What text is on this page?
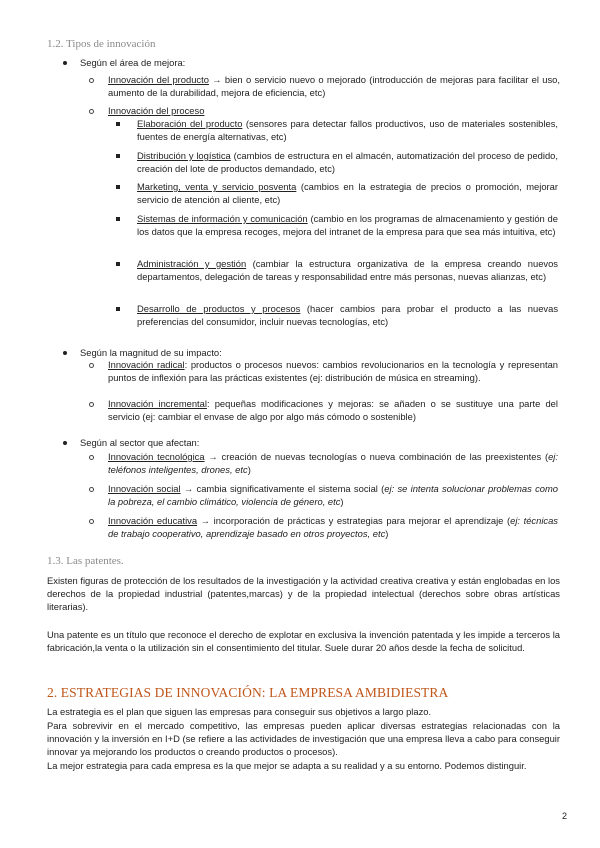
1.2. Tipos de innovación
Según el área de mejora:
Innovación del producto → bien o servicio nuevo o mejorado (introducción de mejoras para facilitar el uso, aumento de la durabilidad, mejora de eficiencia, etc)
Innovación del proceso
Elaboración del producto (sensores para detectar fallos productivos, uso de materiales sostenibles, fuentes de energía alternativas, etc)
Distribución y logística (cambios de estructura en el almacén, automatización del proceso de pedido, creación del lote de productos demandado, etc)
Marketing, venta y servicio posventa (cambios en la estrategia de precios o promoción, mejorar servicio de atención al cliente, etc)
Sistemas de información y comunicación (cambio en los programas de almacenamiento y gestión de los datos que la empresa recoges, mejora del intranet de la empresa para que sea más intuitiva, etc)
Administración y gestión (cambiar la estructura organizativa de la empresa creando nuevos departamentos, delegación de tareas y responsabilidad entre más personas, nuevas alianzas, etc)
Desarrollo de productos y procesos (hacer cambios para probar el producto a las nuevas preferencias del consumidor, incluir nuevas tecnologías, etc)
Según la magnitud de su impacto:
Innovación radical: productos o procesos nuevos: cambios revolucionarios en la tecnología y representan puntos de inflexión para las prácticas existentes (ej: distribución de música en streaming).
Innovación incremental: pequeñas modificaciones y mejoras: se añaden o se sustituye una parte del servicio (ej: cambiar el envase de algo por algo más cómodo o sostenible)
Según al sector que afectan:
Innovación tecnológica → creación de nuevas tecnologías o nueva combinación de las preexistentes (ej: teléfonos inteligentes, drones, etc)
Innovación social → cambia significativamente el sistema social (ej: se intenta solucionar problemas como la pobreza, el cambio climático, violencia de género, etc)
Innovación educativa → incorporación de prácticas y estrategias para mejorar el aprendizaje (ej: técnicas de trabajo cooperativo, aprendizaje basado en otros proyectos, etc)
1.3. Las patentes.
Existen figuras de protección de los resultados de la investigación y la actividad creativa creativa y están englobadas en los derechos de la propiedad industrial (patentes,marcas) y de la propiedad intelectual (derechos sobre obras artísticas literarias).
Una patente es un título que reconoce el derecho de explotar en exclusiva la invención patentada y les impide a terceros la fabricación,la venta o la utilización sin el consentimiento del titular. Suele durar 20 años desde la fecha de solicitud.
2. ESTRATEGIAS DE INNOVACIÓN: LA EMPRESA AMBIDIESTRA
La estrategia es el plan que siguen las empresas para conseguir sus objetivos a largo plazo.
Para sobrevivir en el mercado competitivo, las empresas pueden aplicar diversas estrategias relacionadas con la innovación y la inversión en I+D (se refiere a las actividades de investigación que una empresa lleva a cabo para conseguir innovar ya mejorando los productos o creando productos o procesos).
La mejor estrategia para cada empresa es la que mejor se adapta a su realidad y a su entorno. Podemos distinguir.
2
